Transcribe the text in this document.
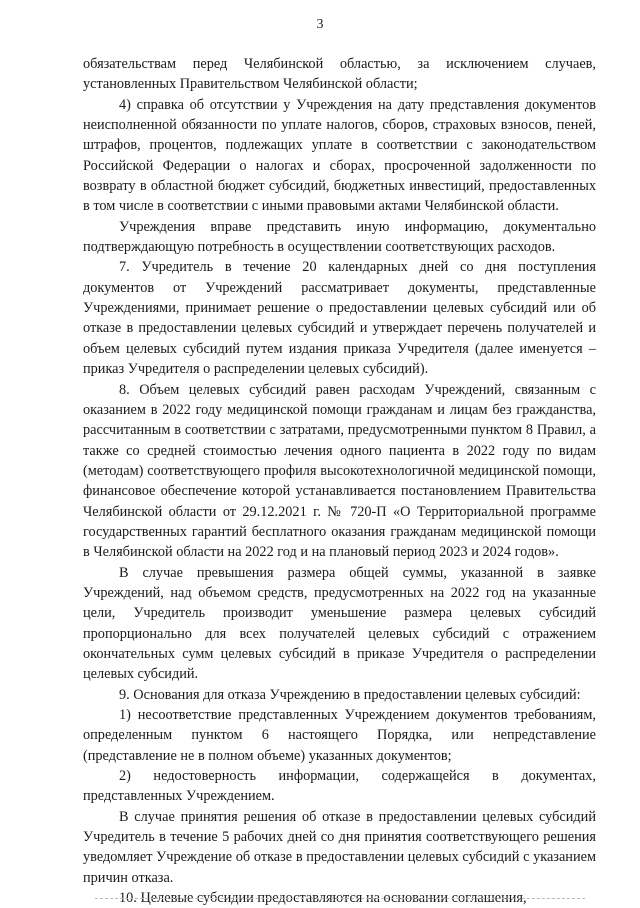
3

обязательствам перед Челябинской областью, за исключением случаев, установленных Правительством Челябинской области;

4) справка об отсутствии у Учреждения на дату представления документов неисполненной обязанности по уплате налогов, сборов, страховых взносов, пеней, штрафов, процентов, подлежащих уплате в соответствии с законодательством Российской Федерации о налогах и сборах, просроченной задолженности по возврату в областной бюджет субсидий, бюджетных инвестиций, предоставленных в том числе в соответствии с иными правовыми актами Челябинской области.

Учреждения вправе представить иную информацию, документально подтверждающую потребность в осуществлении соответствующих расходов.

7. Учредитель в течение 20 календарных дней со дня поступления документов от Учреждений рассматривает документы, представленные Учреждениями, принимает решение о предоставлении целевых субсидий или об отказе в предоставлении целевых субсидий и утверждает перечень получателей и объем целевых субсидий путем издания приказа Учредителя (далее именуется – приказ Учредителя о распределении целевых субсидий).

8. Объем целевых субсидий равен расходам Учреждений, связанным с оказанием в 2022 году медицинской помощи гражданам и лицам без гражданства, рассчитанным в соответствии с затратами, предусмотренными пунктом 8 Правил, а также со средней стоимостью лечения одного пациента в 2022 году по видам (методам) соответствующего профиля высокотехнологичной медицинской помощи, финансовое обеспечение которой устанавливается постановлением Правительства Челябинской области от 29.12.2021 г. № 720-П «О Территориальной программе государственных гарантий бесплатного оказания гражданам медицинской помощи в Челябинской области на 2022 год и на плановый период 2023 и 2024 годов».

В случае превышения размера общей суммы, указанной в заявке Учреждений, над объемом средств, предусмотренных на 2022 год на указанные цели, Учредитель производит уменьшение размера целевых субсидий пропорционально для всех получателей целевых субсидий с отражением окончательных сумм целевых субсидий в приказе Учредителя о распределении целевых субсидий.

9. Основания для отказа Учреждению в предоставлении целевых субсидий:

1) несоответствие представленных Учреждением документов требованиям, определенным пунктом 6 настоящего Порядка, или непредставление (представление не в полном объеме) указанных документов;

2) недостоверность информации, содержащейся в документах, представленных Учреждением.

В случае принятия решения об отказе в предоставлении целевых субсидий Учредитель в течение 5 рабочих дней со дня принятия соответствующего решения уведомляет Учреждение об отказе в предоставлении целевых субсидий с указанием причин отказа.

10. Целевые субсидии предоставляются на основании соглашения,
